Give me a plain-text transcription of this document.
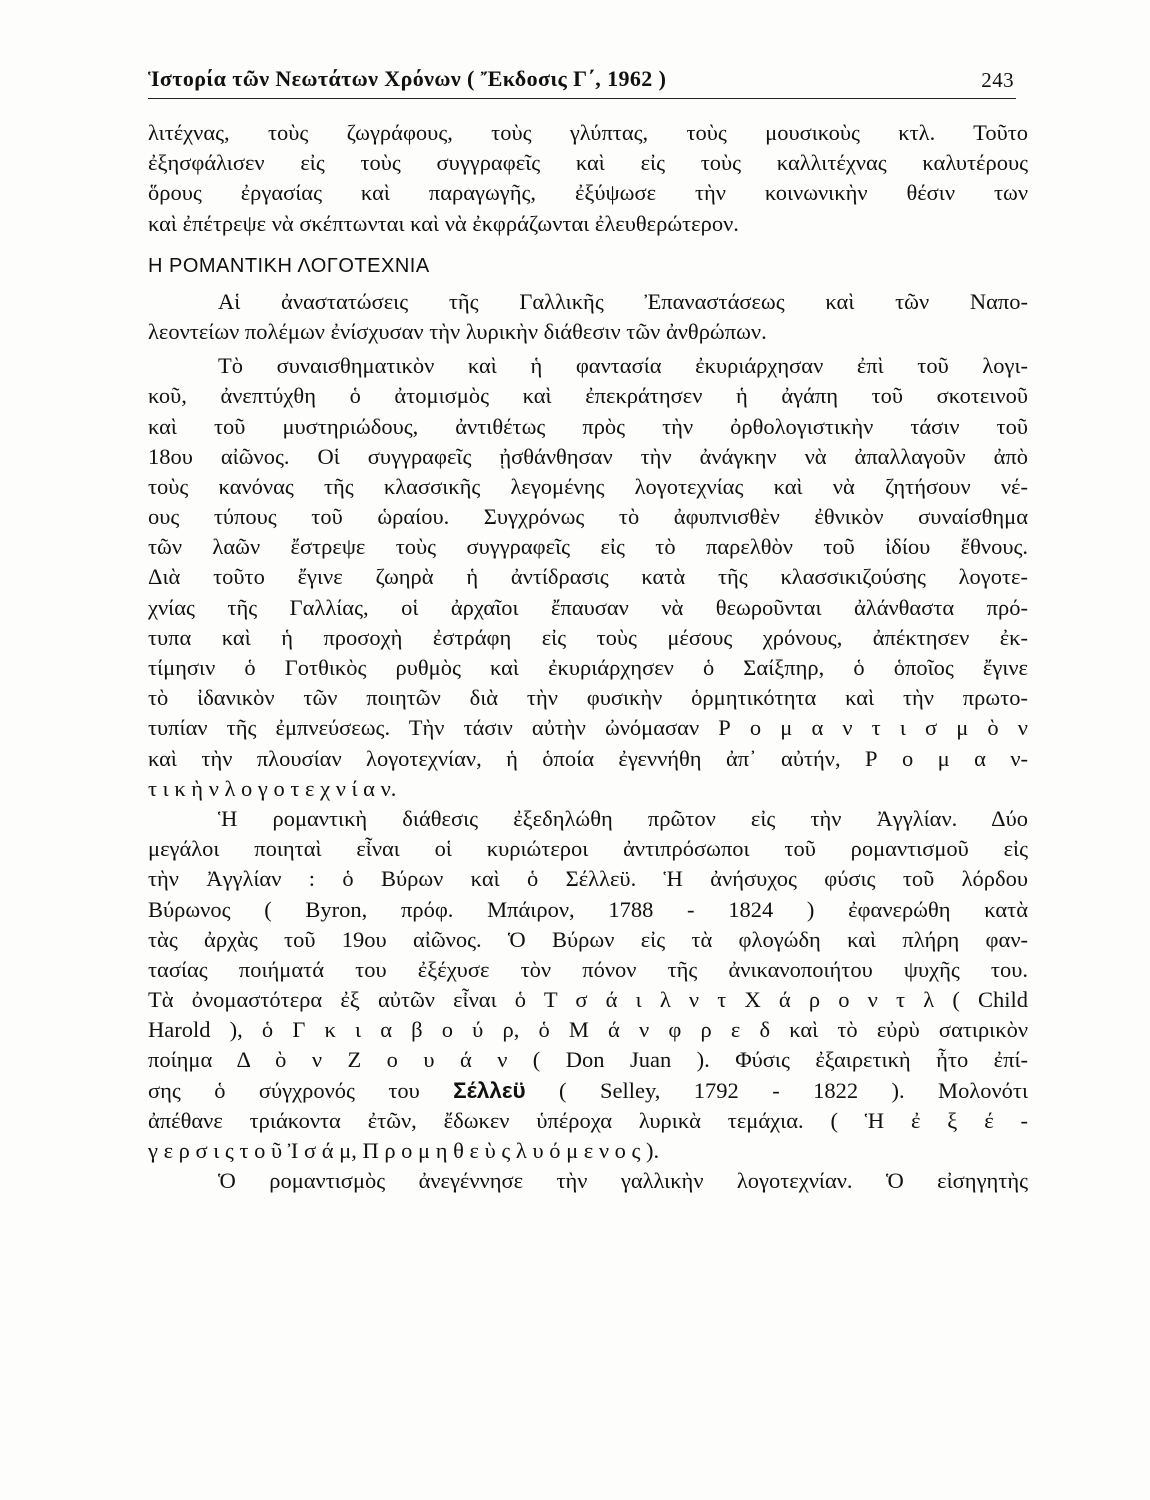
Ἱστορία τῶν Νεωτάτων Χρόνων ( Ἔκδοσις Γ΄, 1962 )	243
λιτέχνας, τοὺς ζωγράφους, τοὺς γλύπτας, τοὺς μουσικοὺς κτλ. Τοῦτο
ἐξησφάλισεν εἰς τοὺς συγγραφεῖς καὶ εἰς τοὺς καλλιτέχνας καλυτέρους
ὅρους ἐργασίας καὶ παραγωγῆς, ἐξύψωσε τὴν κοινωνικὴν θέσιν των
καὶ ἐπέτρεψε νὰ σκέπτωνται καὶ νὰ ἐκφράζωνται ἐλευθερώτερον.
Η ΡΟΜΑΝΤΙΚΗ ΛΟΓΟΤΕΧΝΙΑ
Αἱ ἀναστατώσεις τῆς Γαλλικῆς Ἐπαναστάσεως καὶ τῶν Ναπο-
λεοντείων πολέμων ἐνίσχυσαν τὴν λυρικὴν διάθεσιν τῶν ἀνθρώπων.
Τὸ συναισθηματικὸν καὶ ἡ φαντασία ἐκυριάρχησαν ἐπὶ τοῦ λογι-
κοῦ, ἀνεπτύχθη ὁ ἀτομισμὸς καὶ ἐπεκράτησεν ἡ ἀγάπη τοῦ σκοτεινοῦ
καὶ τοῦ μυστηριώδους, ἀντιθέτως πρὸς τὴν ὀρθολογιστικὴν τάσιν τοῦ
18ου αἰῶνος. Οἱ συγγραφεῖς ᾐσθάνθησαν τὴν ἀνάγκην νὰ ἀπαλλαγοῦν ἀπὸ
τοὺς κανόνας τῆς κλασσικῆς λεγομένης λογοτεχνίας καὶ νὰ ζητήσουν νέ-
ους τύπους τοῦ ὡραίου. Συγχρόνως τὸ ἀφυπνισθὲν ἐθνικὸν συναίσθημα
τῶν λαῶν ἔστρεψε τοὺς συγγραφεῖς εἰς τὸ παρελθὸν τοῦ ἰδίου ἔθνους.
Διὰ τοῦτο ἔγινε ζωηρὰ ἡ ἀντίδρασις κατὰ τῆς κλασσικιζούσης λογοτε-
χνίας τῆς Γαλλίας, οἱ ἀρχαῖοι ἔπαυσαν νὰ θεωροῦνται ἀλάνθαστα πρό-
τυπα καὶ ἡ προσοχὴ ἐστράφη εἰς τοὺς μέσους χρόνους, ἀπέκτησεν ἐκ-
τίμησιν ὁ Γοτθικὸς ρυθμὸς καὶ ἐκυριάρχησεν ὁ Σαίξπηρ, ὁ ὁποῖος ἔγινε
τὸ ἰδανικὸν τῶν ποιητῶν διὰ τὴν φυσικὴν ὁρμητικότητα καὶ τὴν πρωτο-
τυπίαν τῆς ἐμπνεύσεως. Τὴν τάσιν αὐτὴν ὠνόμασαν Ρ ο μ α ν τ ι σ μ ὸ ν
καὶ τὴν πλουσίαν λογοτεχνίαν, ἡ ὁποία ἐγεννήθη ἀπ᾿ αὐτήν, Ρ ο μ α ν-
τ ι κ ὴ ν λ ο γ ο τ ε χ ν ί α ν.
Ἡ ρομαντικὴ διάθεσις ἐξεδηλώθη πρῶτον εἰς τὴν Ἀγγλίαν. Δύο
μεγάλοι ποιηταὶ εἶναι οἱ κυριώτεροι ἀντιπρόσωποι τοῦ ρομαντισμοῦ εἰς
τὴν Ἀγγλίαν : ὁ Βύρων καὶ ὁ Σέλλεϋ. Ἡ ἀνήσυχος φύσις τοῦ λόρδου
Βύρωνος ( Byron, πρόφ. Μπάιρον, 1788 - 1824 ) ἐφανερώθη κατὰ
τὰς ἀρχὰς τοῦ 19ου αἰῶνος. Ὁ Βύρων εἰς τὰ φλογώδη καὶ πλήρη φαν-
τασίας ποιήματά του ἐξέχυσε τὸν πόνον τῆς ἀνικανοποιήτου ψυχῆς του.
Τὰ ὀνομαστότερα ἐξ αὐτῶν εἶναι ὁ Τ σ ά ι λ ν τ Χ ά ρ ο ν τ λ ( Child
Harold ), ὁ Γ κ ι α β ο ύ ρ, ὁ Μ ά ν φ ρ ε δ καὶ τὸ εὐρὺ σατιρικὸν
ποίημα Δ ὸ ν Ζ ο υ ά ν ( Don Juan ). Φύσις ἐξαιρετικὴ ἦτο ἐπί-
σης ὁ σύγχρονός του Σέλλεϋ ( Selley, 1792 - 1822 ). Μολονότι
ἀπέθανε τριάκοντα ἐτῶν, ἔδωκεν ὑπέροχα λυρικὰ τεμάχια. ( Ἡ ἐ ξ έ -
γ ε ρ σ ι ς τ ο ῦ Ἰ σ ά μ, Π ρ ο μ η θ ε ὺ ς λ υ ό μ ε ν ο ς ).
Ὁ ρομαντισμὸς ἀνεγέννησε τὴν γαλλικὴν λογοτεχνίαν. Ὁ εἰσηγητὴς
